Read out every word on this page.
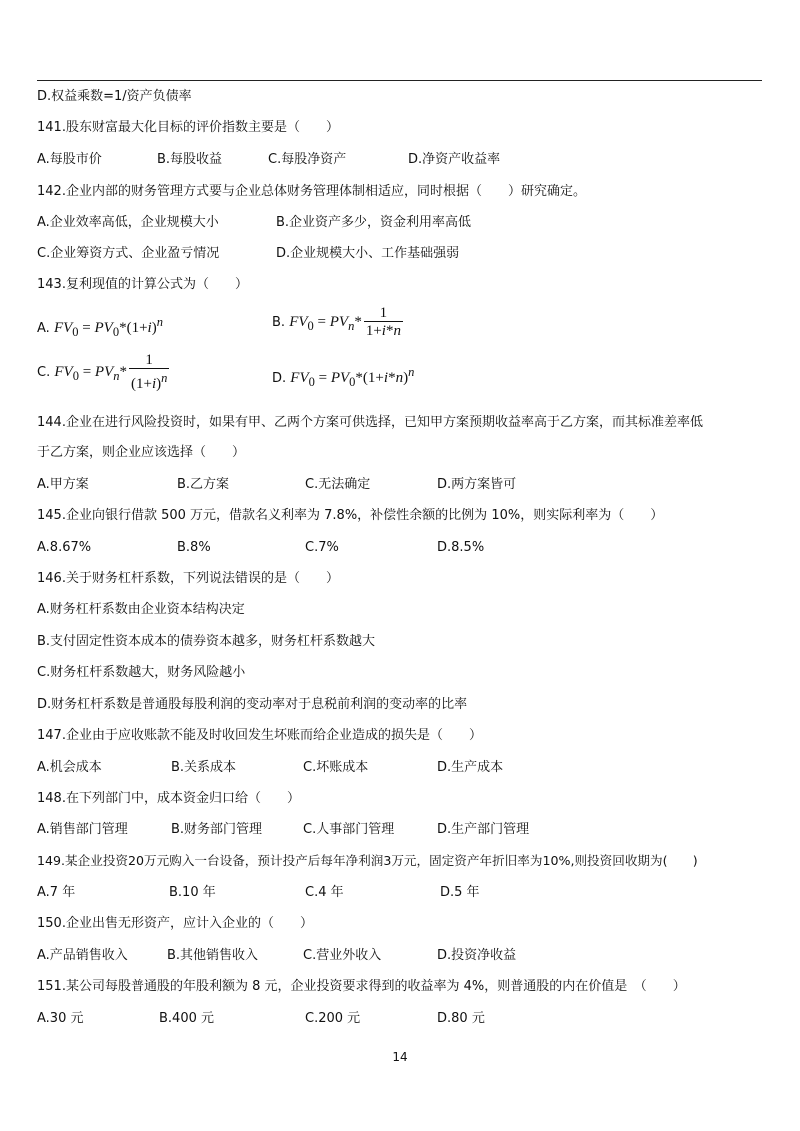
D.权益乘数=1/资产负债率
141.股东财富最大化目标的评价指数主要是（　　）
A.每股市价	B.每股收益	C.每股净资产	D.净资产收益率
142.企业内部的财务管理方式要与企业总体财务管理体制相适应，同时根据（　　）研究确定。
A.企业效率高低，企业规模大小	B.企业资产多少，资金利用率高低
C.企业筹资方式、企业盈亏情况	D.企业规模大小、工作基础强弱
143.复利现值的计算公式为（　　）
A. $FV_0 = PV_0*(1+i)^n$	B. $FV_0 = PV_n* \frac{1}{1+i*n}$
C. $FV_0 = PV_n* \frac{1}{(1+i)^n}$	D. $FV_0 = PV_0*(1+i*n)^n$
144.企业在进行风险投资时，如果有甲、乙两个方案可供选择，已知甲方案预期收益率高于乙方案，而其标准差率低
于乙方案，则企业应该选择（　　）
A.甲方案	B.乙方案	C.无法确定	D.两方案皆可
145.企业向银行借款 500 万元，借款名义利率为 7.8%，补偿性余额的比例为 10%，则实际利率为（　　）
A.8.67%	B.8%	C.7%	D.8.5%
146.关于财务杠杆系数，下列说法错误的是（　　）
A.财务杠杆系数由企业资本结构决定
B.支付固定性资本成本的债券资本越多，财务杠杆系数越大
C.财务杠杆系数越大，财务风险越小
D.财务杠杆系数是普通股每股利润的变动率对于息税前利润的变动率的比率
147.企业由于应收账款不能及时收回发生坏账而给企业造成的损失是（　　）
A.机会成本	B.关系成本	C.坏账成本	D.生产成本
148.在下列部门中，成本资金归口给（　　）
A.销售部门管理	B.财务部门管理	C.人事部门管理	D.生产部门管理
149.某企业投资20万元购入一台设备，预计投产后每年净利润3万元，固定资产年折旧率为10%,则投资回收期为(　　)
A.7 年	B.10 年	C.4 年	D.5 年
150.企业出售无形资产，应计入企业的（　　）
A.产品销售收入	B.其他销售收入	C.营业外收入	D.投资净收益
151.某公司每股普通股的年股利额为 8 元，企业投资要求得到的收益率为 4%，则普通股的内在价值是　（　　）
A.30 元	B.400 元	C.200 元	D.80 元
14
